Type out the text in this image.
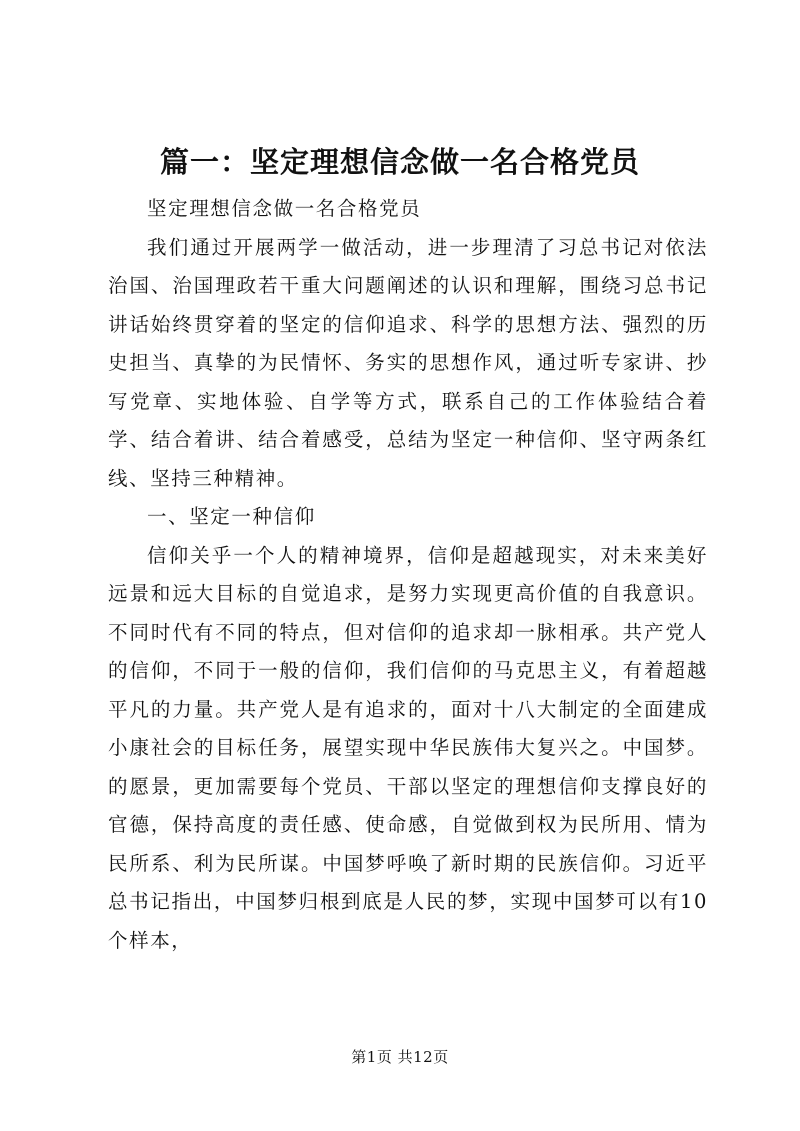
篇一：坚定理想信念做一名合格党员

坚定理想信念做一名合格党员

我们通过开展两学一做活动，进一步理清了习总书记对依法治国、治国理政若干重大问题阐述的认识和理解，围绕习总书记讲话始终贯穿着的坚定的信仰追求、科学的思想方法、强烈的历史担当、真挚的为民情怀、务实的思想作风，通过听专家讲、抄写党章、实地体验、自学等方式，联系自己的工作体验结合着学、结合着讲、结合着感受，总结为坚定一种信仰、坚守两条红线、坚持三种精神。

一、坚定一种信仰

信仰关乎一个人的精神境界，信仰是超越现实，对未来美好远景和远大目标的自觉追求，是努力实现更高价值的自我意识。不同时代有不同的特点，但对信仰的追求却一脉相承。共产党人的信仰，不同于一般的信仰，我们信仰的马克思主义，有着超越平凡的力量。共产党人是有追求的，面对十八大制定的全面建成小康社会的目标任务，展望实现中华民族伟大复兴之。中国梦。的愿景，更加需要每个党员、干部以坚定的理想信仰支撑良好的官德，保持高度的责任感、使命感，自觉做到权为民所用、情为民所系、利为民所谋。中国梦呼唤了新时期的民族信仰。习近平总书记指出，中国梦归根到底是人民的梦，实现中国梦可以有10个样本，

第1页 共12页
